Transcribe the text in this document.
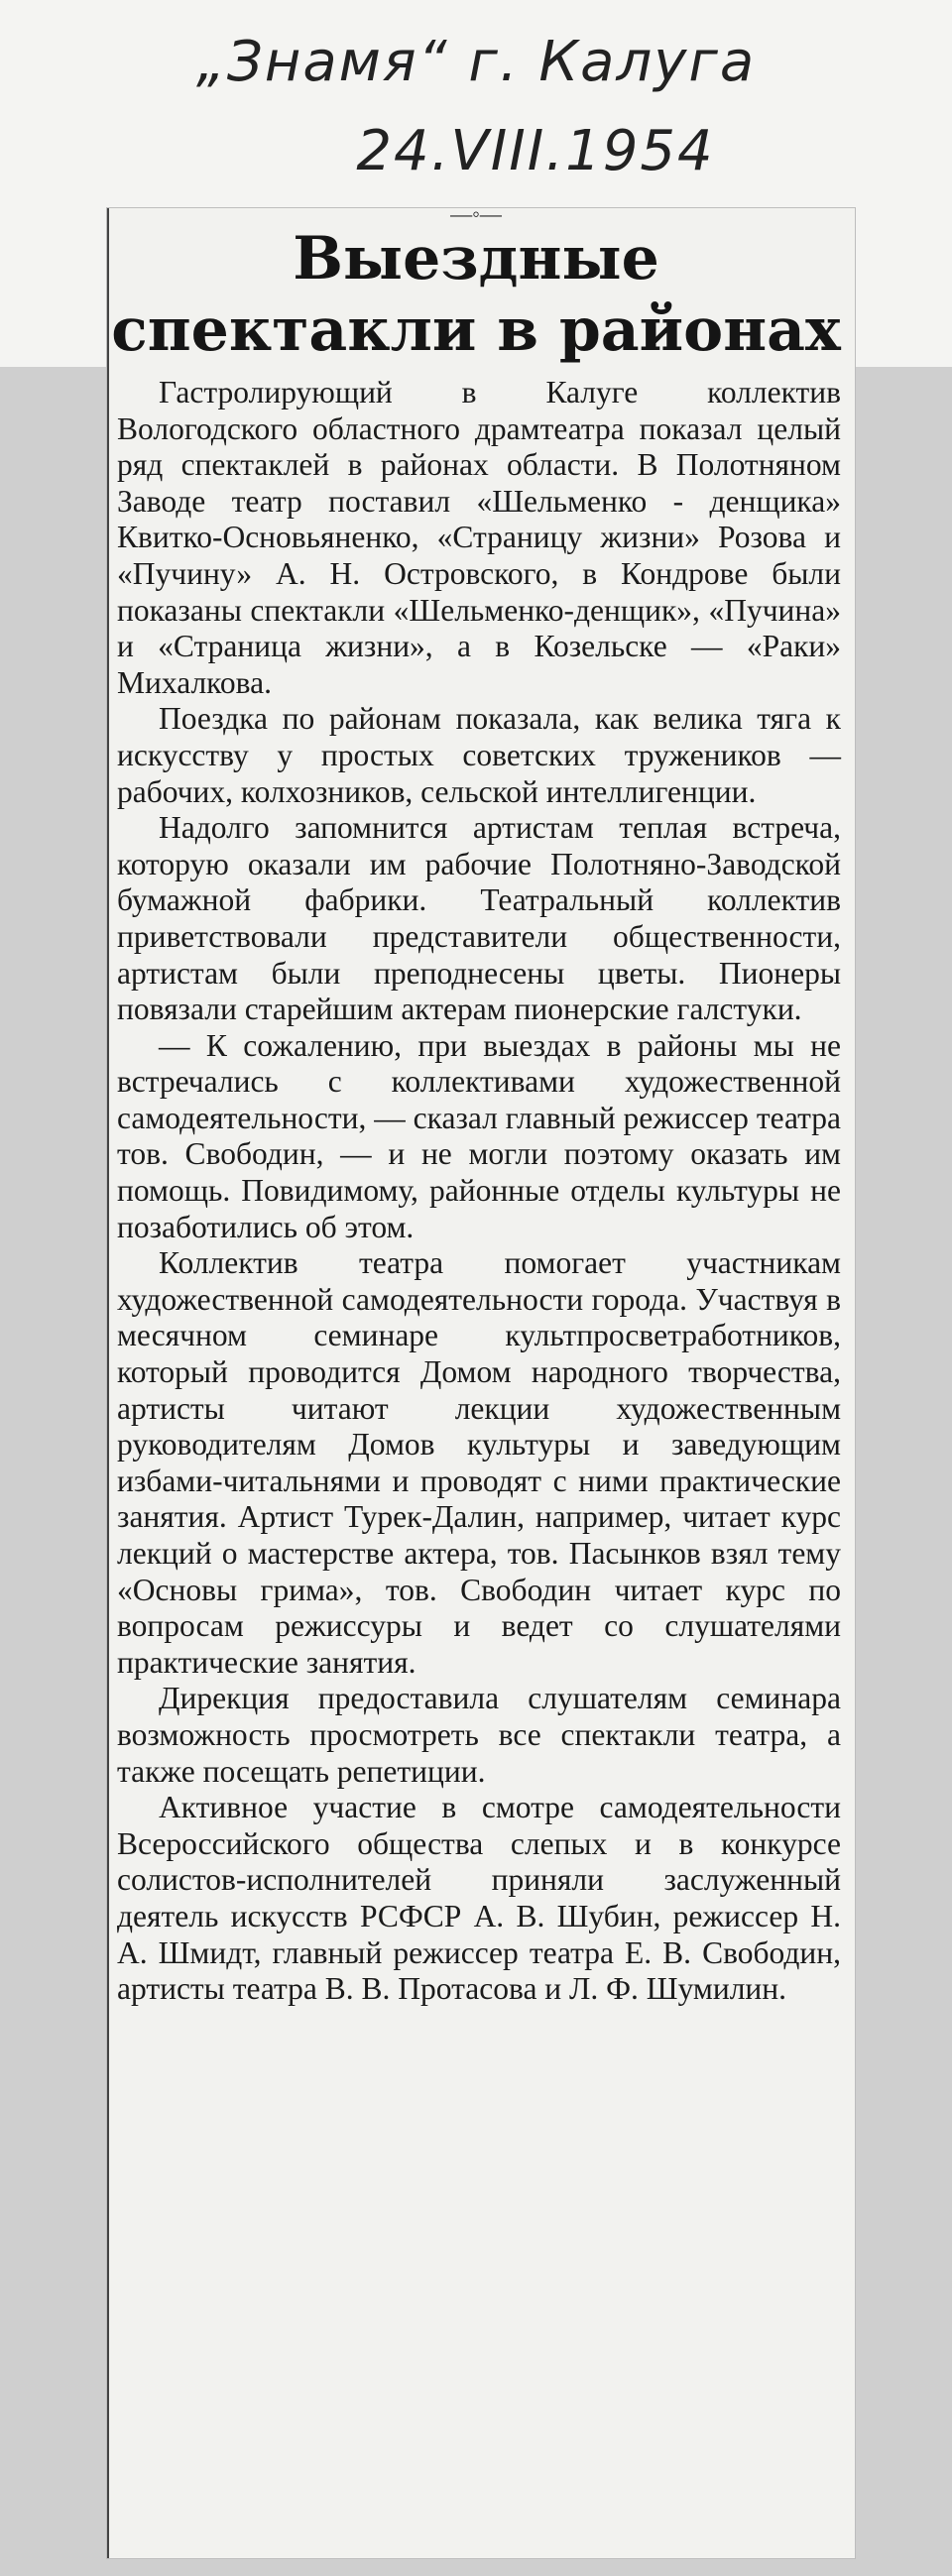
„Знамя“ г. Калуга
24.VIII.1954
—◦—
Выездные спектакли в районах

Гастролирующий в Калуге коллектив Вологодского областного драмтеатра показал целый ряд спектаклей в районах области. В Полотняном Заводе театр поставил «Шельменко - денщика» Квитко-Основьяненко, «Страницу жизни» Розова и «Пучину» А. Н. Островского, в Кондрове были показаны спектакли «Шельменко-денщик», «Пучина» и «Страница жизни», а в Козельске — «Раки» Михалкова.

Поездка по районам показала, как велика тяга к искусству у простых советских тружеников — рабочих, колхозников, сельской интеллигенции.

Надолго запомнится артистам теплая встреча, которую оказали им рабочие Полотняно-Заводской бумажной фабрики. Театральный коллектив приветствовали представители общественности, артистам были преподнесены цветы. Пионеры повязали старейшим актерам пионерские галстуки.

— К сожалению, при выездах в районы мы не встречались с коллективами художественной самодеятельности, — сказал главный режиссер театра тов. Свободин, — и не могли поэтому оказать им помощь. Повидимому, районные отделы культуры не позаботились об этом.

Коллектив театра помогает участникам художественной самодеятельности города. Участвуя в месячном семинаре культпросветработников, который проводится Домом народного творчества, артисты читают лекции художественным руководителям Домов культуры и заведующим избами-читальнями и проводят с ними практические занятия. Артист Турек-Далин, например, читает курс лекций о мастерстве актера, тов. Пасынков взял тему «Основы грима», тов. Свободин читает курс по вопросам режиссуры и ведет со слушателями практические занятия.

Дирекция предоставила слушателям семинара возможность просмотреть все спектакли театра, а также посещать репетиции.

Активное участие в смотре самодеятельности Всероссийского общества слепых и в конкурсе солистов-исполнителей приняли заслуженный деятель искусств РСФСР А. В. Шубин, режиссер Н. А. Шмидт, главный режиссер театра Е. В. Свободин, артисты театра В. В. Протасова и Л. Ф. Шумилин.
